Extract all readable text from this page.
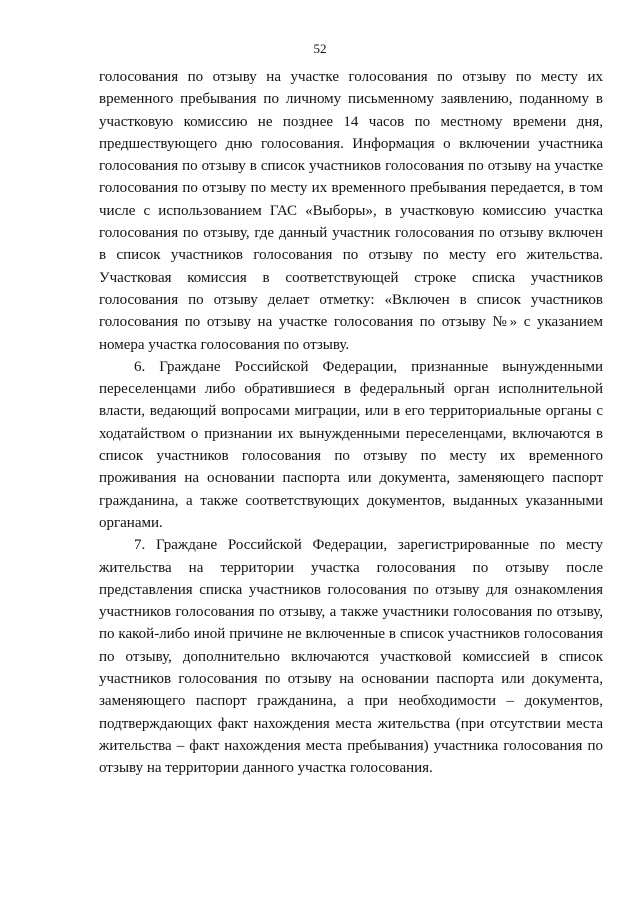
52

голосования по отзыву на участке голосования по отзыву по месту их временного пребывания по личному письменному заявлению, поданному в участковую комиссию не позднее 14 часов по местному времени дня, предшествующего дню голосования. Информация о включении участника голосования по отзыву в список участников голосования по отзыву на участке голосования по отзыву по месту их временного пребывания передается, в том числе с использованием ГАС «Выборы», в участковую комиссию участка голосования по отзыву, где данный участник голосования по отзыву включен в список участников голосования по отзыву по месту его жительства. Участковая комиссия в соответствующей строке списка участников голосования по отзыву делает отметку: «Включен в список участников голосования по отзыву на участке голосования по отзыву №» с указанием номера участка голосования по отзыву.

6. Граждане Российской Федерации, признанные вынужденными переселенцами либо обратившиеся в федеральный орган исполнительной власти, ведающий вопросами миграции, или в его территориальные органы с ходатайством о признании их вынужденными переселенцами, включаются в список участников голосования по отзыву по месту их временного проживания на основании паспорта или документа, заменяющего паспорт гражданина, а также соответствующих документов, выданных указанными органами.

7. Граждане Российской Федерации, зарегистрированные по месту жительства на территории участка голосования по отзыву после представления списка участников голосования по отзыву для ознакомления участников голосования по отзыву, а также участники голосования по отзыву, по какой-либо иной причине не включенные в список участников голосования по отзыву, дополнительно включаются участковой комиссией в список участников голосования по отзыву на основании паспорта или документа, заменяющего паспорт гражданина, а при необходимости – документов, подтверждающих факт нахождения места жительства (при отсутствии места жительства – факт нахождения места пребывания) участника голосования по отзыву на территории данного участка голосования.
